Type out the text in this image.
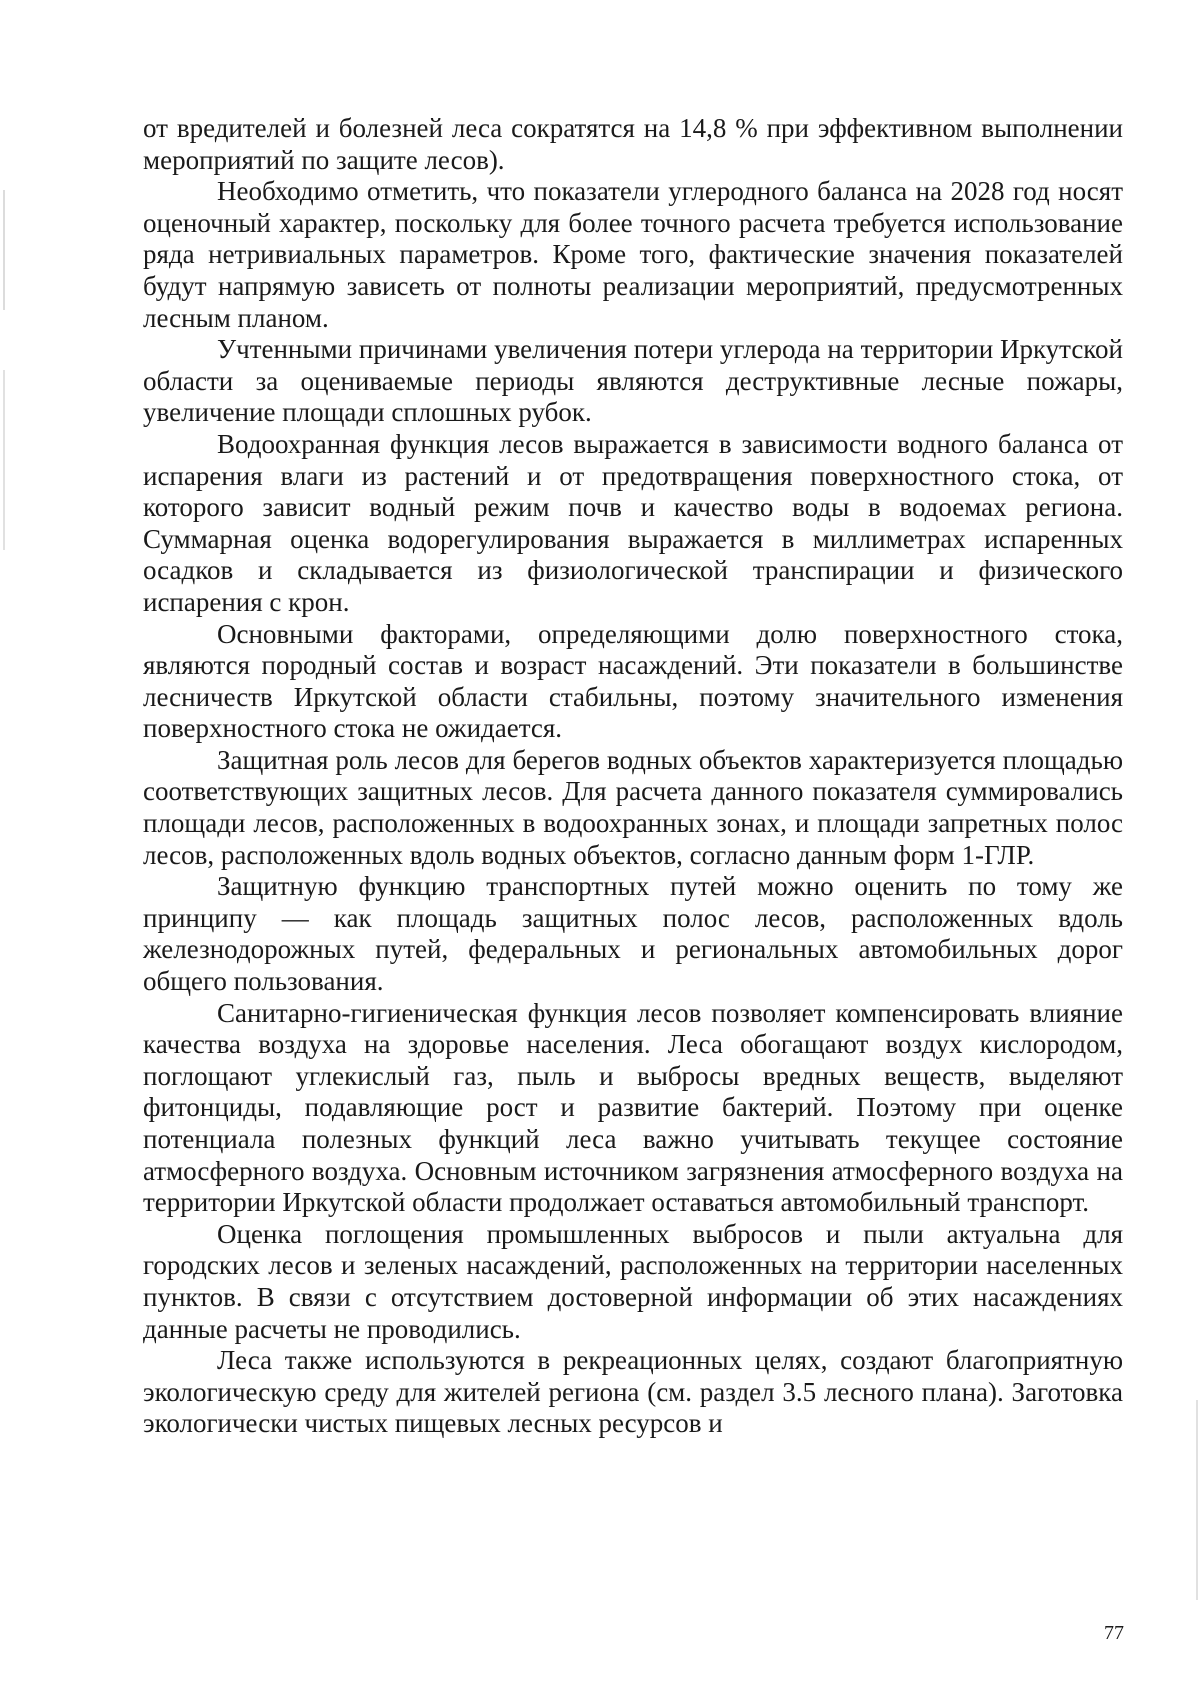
от вредителей и болезней леса сократятся на 14,8 % при эффективном выполнении мероприятий по защите лесов).

Необходимо отметить, что показатели углеродного баланса на 2028 год носят оценочный характер, поскольку для более точного расчета требуется использование ряда нетривиальных параметров. Кроме того, фактические значения показателей будут напрямую зависеть от полноты реализации мероприятий, предусмотренных лесным планом.

Учтенными причинами увеличения потери углерода на территории Иркутской области за оцениваемые периоды являются деструктивные лесные пожары, увеличение площади сплошных рубок.

Водоохранная функция лесов выражается в зависимости водного баланса от испарения влаги из растений и от предотвращения поверхностного стока, от которого зависит водный режим почв и качество воды в водоемах региона. Суммарная оценка водорегулирования выражается в миллиметрах испаренных осадков и складывается из физиологической транспирации и физического испарения с крон.

Основными факторами, определяющими долю поверхностного стока, являются породный состав и возраст насаждений. Эти показатели в большинстве лесничеств Иркутской области стабильны, поэтому значительного изменения поверхностного стока не ожидается.

Защитная роль лесов для берегов водных объектов характеризуется площадью соответствующих защитных лесов. Для расчета данного показателя суммировались площади лесов, расположенных в водоохранных зонах, и площади запретных полос лесов, расположенных вдоль водных объектов, согласно данным форм 1-ГЛР.

Защитную функцию транспортных путей можно оценить по тому же принципу — как площадь защитных полос лесов, расположенных вдоль железнодорожных путей, федеральных и региональных автомобильных дорог общего пользования.

Санитарно-гигиеническая функция лесов позволяет компенсировать влияние качества воздуха на здоровье населения. Леса обогащают воздух кислородом, поглощают углекислый газ, пыль и выбросы вредных веществ, выделяют фитонциды, подавляющие рост и развитие бактерий. Поэтому при оценке потенциала полезных функций леса важно учитывать текущее состояние атмосферного воздуха. Основным источником загрязнения атмосферного воздуха на территории Иркутской области продолжает оставаться автомобильный транспорт.

Оценка поглощения промышленных выбросов и пыли актуальна для городских лесов и зеленых насаждений, расположенных на территории населенных пунктов. В связи с отсутствием достоверной информации об этих насаждениях данные расчеты не проводились.

Леса также используются в рекреационных целях, создают благоприятную экологическую среду для жителей региона (см. раздел 3.5 лесного плана). Заготовка экологически чистых пищевых лесных ресурсов и

77
